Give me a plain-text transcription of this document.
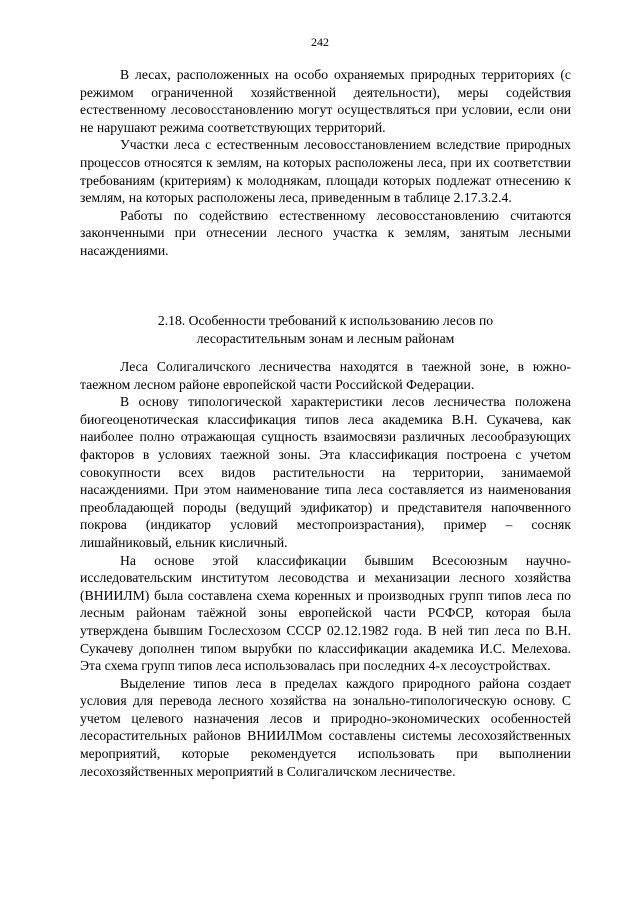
242

В лесах, расположенных на особо охраняемых природных территориях (с режимом ограниченной хозяйственной деятельности), меры содействия естественному лесовосстановлению могут осуществляться при условии, если они не нарушают режима соответствующих территорий.

Участки леса с естественным лесовосстановлением вследствие природных процессов относятся к землям, на которых расположены леса, при их соответствии требованиям (критериям) к молоднякам, площади которых подлежат отнесению к землям, на которых расположены леса, приведенным в таблице 2.17.3.2.4.

Работы по содействию естественному лесовосстановлению считаются законченными при отнесении лесного участка к землям, занятым лесными насаждениями.

2.18. Особенности требований к использованию лесов по

лесорастительным зонам и лесным районам

Леса Солигаличского лесничества находятся в таежной зоне, в южно-таежном лесном районе европейской части Российской Федерации.

В основу типологической характеристики лесов лесничества положена биогеоценотическая классификация типов леса академика В.Н. Сукачева, как наиболее полно отражающая сущность взаимосвязи различных лесообразующих факторов в условиях таежной зоны. Эта классификация построена с учетом совокупности всех видов растительности на территории, занимаемой насаждениями. При этом наименование типа леса составляется из наименования преобладающей породы (ведущий эдификатор) и представителя напочвенного покрова (индикатор условий местопроизрастания), пример – сосняк лишайниковый, ельник кисличный.

На основе этой классификации бывшим Всесоюзным научно-исследовательским институтом лесоводства и механизации лесного хозяйства (ВНИИЛМ) была составлена схема коренных и производных групп типов леса по лесным районам таёжной зоны европейской части РСФСР, которая была утверждена бывшим Гослесхозом СССР 02.12.1982 года. В ней тип леса по В.Н. Сукачеву дополнен типом вырубки по классификации академика И.С. Мелехова. Эта схема групп типов леса использовалась при последних 4-х лесоустройствах.

Выделение типов леса в пределах каждого природного района создает условия для перевода лесного хозяйства на зонально-типологическую основу. С учетом целевого назначения лесов и природно-экономических особенностей лесорастительных районов ВНИИЛМом составлены системы лесохозяйственных мероприятий, которые рекомендуется использовать при выполнении лесохозяйственных мероприятий в Солигаличском лесничестве.
